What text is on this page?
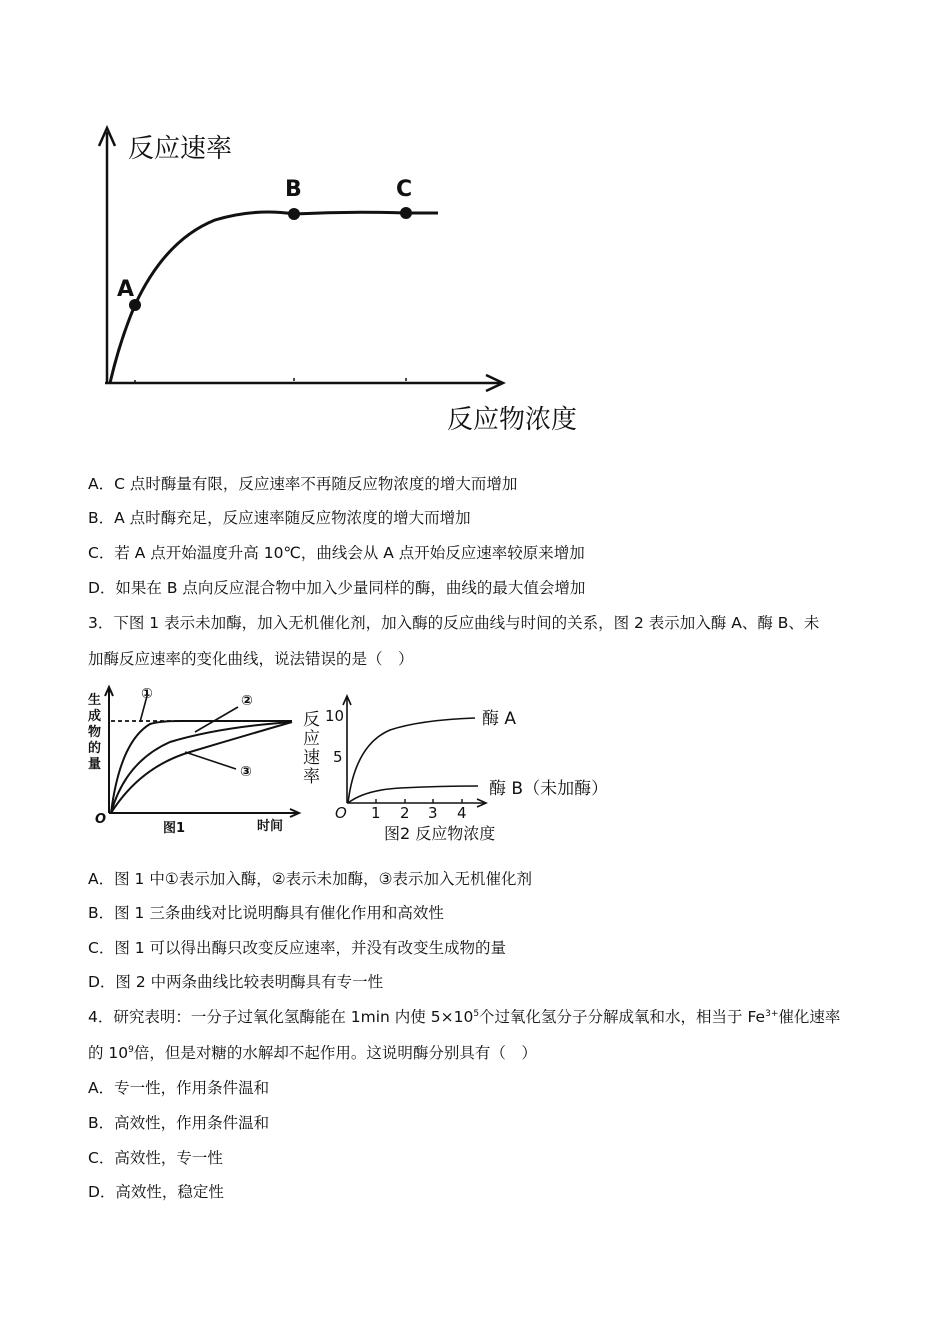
A
B	C
反应速率
反应物浓度
A．C 点时酶量有限，反应速率不再随反应物浓度的增大而增加
B．A 点时酶充足，反应速率随反应物浓度的增大而增加
C．若 A 点开始温度升高 10℃，曲线会从 A 点开始反应速率较原来增加
D．如果在 B 点向反应混合物中加入少量同样的酶，曲线的最大值会增加
3．下图 1 表示未加酶，加入无机催化剂，加入酶的反应曲线与时间的关系，图 2 表示加入酶 A、酶 B、未
加酶反应速率的变化曲线，说法错误的是（　）
生
成
物
的
量
①	②
③
O
图1	时间
反
应
速
率
10
5
1 2 3 4
O
酶 A
酶 B（未加酶）
图2 反应物浓度
A．图 1 中①表示加入酶，②表示未加酶，③表示加入无机催化剂
B．图 1 三条曲线对比说明酶具有催化作用和高效性
C．图 1 可以得出酶只改变反应速率，并没有改变生成物的量
D．图 2 中两条曲线比较表明酶具有专一性
4．研究表明：一分子过氧化氢酶能在 1min 内使 $5\times 10^5$个过氧化氢分子分解成氧和水，相当于 $Fe^{3+}$催化速率
的 $10^9$倍，但是对糖的水解却不起作用。这说明酶分别具有（　）
A．专一性，作用条件温和
B．高效性，作用条件温和
C．高效性，专一性
D．高效性，稳定性
